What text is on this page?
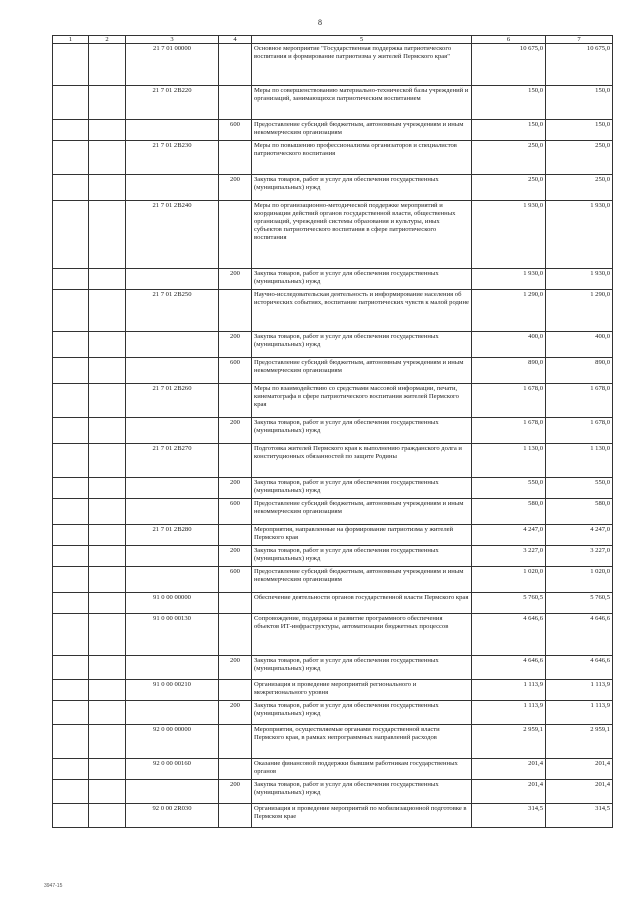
8
1	2	3	4	5	6	7
		21 7 01 00000		Основное мероприятие "Государственная поддержка патриотического воспитания и формирование патриотизма у жителей Пермского края"	10 675,0	10 675,0
		21 7 01 2В220		Меры по совершенствованию материально-технической базы учреждений и организаций, занимающихся патриотическим воспитанием	150,0	150,0
			600	Предоставление субсидий бюджетным, автономным учреждениям и иным некоммерческим организациям	150,0	150,0
		21 7 01 2В230		Меры по повышению профессионализма организаторов и специалистов патриотического воспитания	250,0	250,0
			200	Закупка товаров, работ и услуг для обеспечения государственных (муниципальных) нужд	250,0	250,0
		21 7 01 2В240		Меры по организационно-методической поддержке мероприятий и координации действий органов государственной власти, общественных организаций, учреждений системы образования и культуры, иных субъектов патриотического воспитания в сфере патриотического воспитания	1 930,0	1 930,0
			200	Закупка товаров, работ и услуг для обеспечения государственных (муниципальных) нужд	1 930,0	1 930,0
		21 7 01 2В250		Научно-исследовательская деятельность и информирование населения об исторических событиях, воспитание патриотических чувств к малой родине	1 290,0	1 290,0
			200	Закупка товаров, работ и услуг для обеспечения государственных (муниципальных) нужд	400,0	400,0
			600	Предоставление субсидий бюджетным, автономным учреждениям и иным некоммерческим организациям	890,0	890,0
		21 7 01 2В260		Меры по взаимодействию со средствами массовой информации, печати, кинематографа в сфере патриотического воспитания жителей Пермского края	1 678,0	1 678,0
			200	Закупка товаров, работ и услуг для обеспечения государственных (муниципальных) нужд	1 678,0	1 678,0
		21 7 01 2В270		Подготовка жителей Пермского края к выполнению гражданского долга и конституционных обязанностей по защите Родины	1 130,0	1 130,0
			200	Закупка товаров, работ и услуг для обеспечения государственных (муниципальных) нужд	550,0	550,0
			600	Предоставление субсидий бюджетным, автономным учреждениям и иным некоммерческим организациям	580,0	580,0
		21 7 01 2В280		Мероприятия, направленные на формирование патриотизма у жителей Пермского края	4 247,0	4 247,0
			200	Закупка товаров, работ и услуг для обеспечения государственных (муниципальных) нужд	3 227,0	3 227,0
			600	Предоставление субсидий бюджетным, автономным учреждениям и иным некоммерческим организациям	1 020,0	1 020,0
		91 0 00 00000		Обеспечение деятельности органов государственной власти Пермского края	5 760,5	5 760,5
		91 0 00 00130		Сопровождение, поддержка и развитие программного обеспечения объектов ИТ-инфраструктуры, автоматизации бюджетных процессов	4 646,6	4 646,6
			200	Закупка товаров, работ и услуг для обеспечения государственных (муниципальных) нужд	4 646,6	4 646,6
		91 0 00 00210		Организация и проведение мероприятий регионального и межрегионального уровня	1 113,9	1 113,9
			200	Закупка товаров, работ и услуг для обеспечения государственных (муниципальных) нужд	1 113,9	1 113,9
		92 0 00 00000		Мероприятия, осуществляемые органами государственной власти Пермского края, в рамках непрограммных направлений расходов	2 959,1	2 959,1
		92 0 00 00160		Оказание финансовой поддержки бывшим работникам государственных органов	201,4	201,4
			200	Закупка товаров, работ и услуг для обеспечения государственных (муниципальных) нужд	201,4	201,4
		92 0 00 2R030		Организация и проведение мероприятий по мобилизационной подготовке в Пермском крае	314,5	314,5
3947-15
